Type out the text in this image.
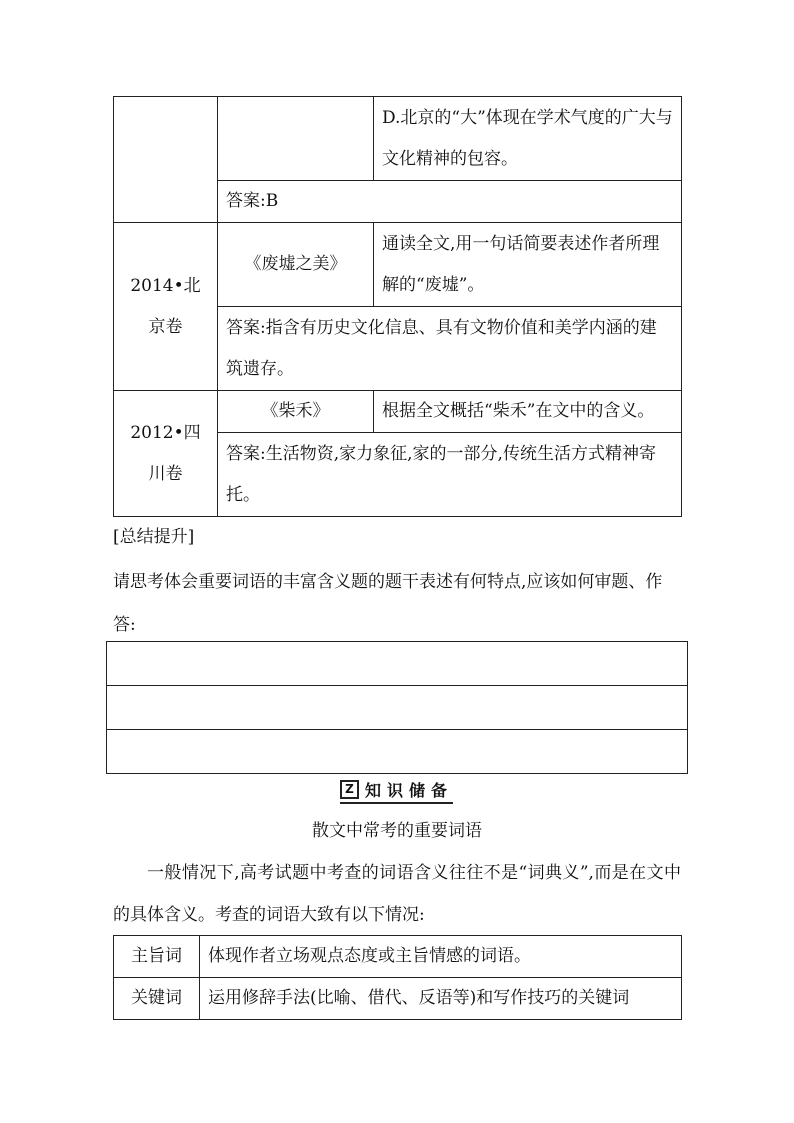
		D.北京的“大”体现在学术气度的广大与文化精神的包容。
	答案:B	
2014•北京卷	《废墟之美》	通读全文,用一句话简要表述作者所理解的“废墟”。
	答案:指含有历史文化信息、具有文物价值和美学内涵的建筑遗存。	
2012•四川卷	《柴禾》	根据全文概括“柴禾”在文中的含义。
	答案:生活物资,家力象征,家的一部分,传统生活方式精神寄托。	
[总结提升]
请思考体会重要词语的丰富含义题的题干表述有何特点,应该如何审题、作答:

Z 知识储备
散文中常考的重要词语
一般情况下,高考试题中考查的词语含义往往不是“词典义”,而是在文中的具体含义。考查的词语大致有以下情况:
主旨词	体现作者立场观点态度或主旨情感的词语。
关键词	运用修辞手法(比喻、借代、反语等)和写作技巧的关键词
